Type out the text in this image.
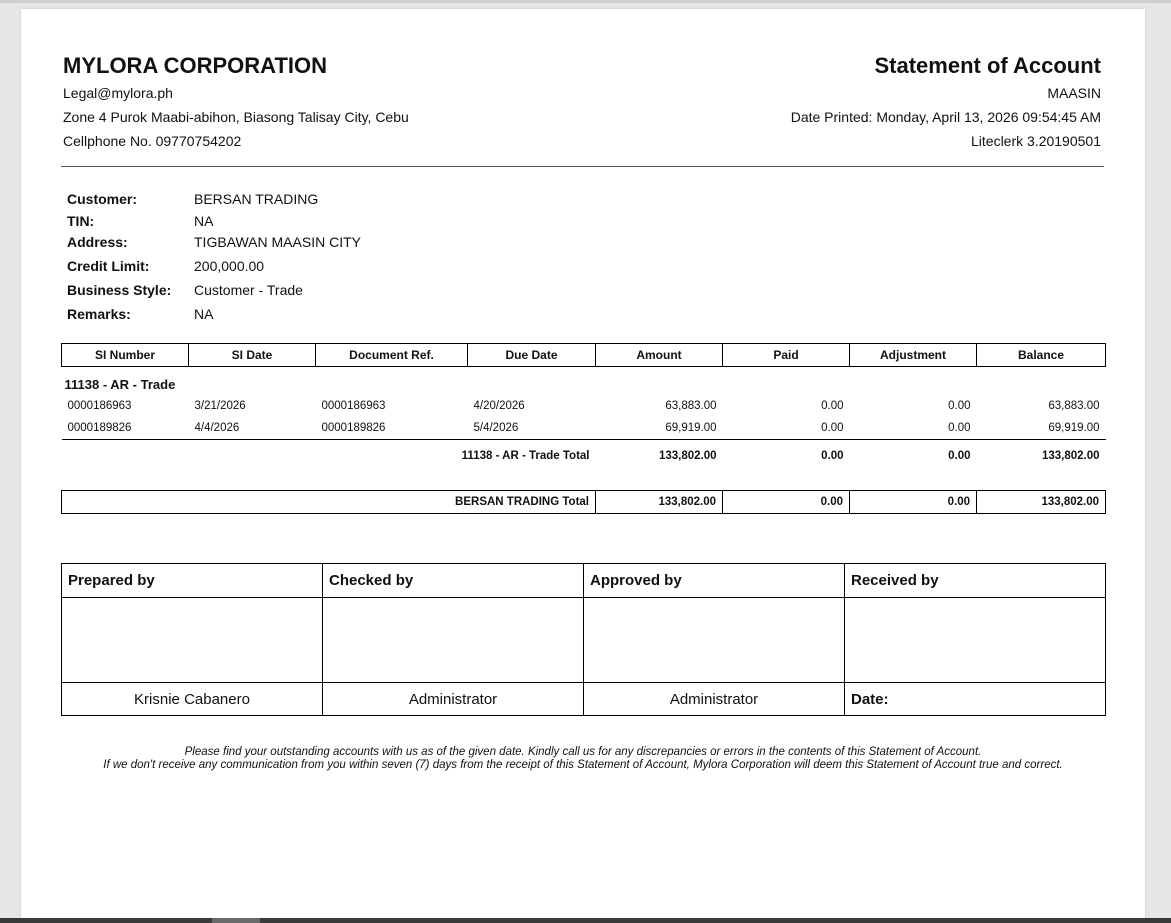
MYLORA CORPORATION
Legal@mylora.ph
Zone 4 Purok Maabi-abihon, Biasong Talisay City, Cebu
Cellphone No. 09770754202
Statement of Account
MAASIN
Date Printed: Monday, April 13, 2026 09:54:45 AM
Liteclerk 3.20190501
Customer:	BERSAN TRADING
TIN:	NA
Address:	TIGBAWAN MAASIN CITY
Credit Limit:	200,000.00
Business Style:	Customer - Trade
Remarks:	NA
SI Number	SI Date	Document Ref.	Due Date	Amount	Paid	Adjustment	Balance
11138 - AR - Trade							
0000186963	3/21/2026	0000186963	4/20/2026	63,883.00	0.00	0.00	63,883.00
0000189826	4/4/2026	0000189826	5/4/2026	69,919.00	0.00	0.00	69,919.00
11138 - AR - Trade Total				133,802.00	0.00	0.00	133,802.00

BERSAN TRADING Total				133,802.00	0.00	0.00	133,802.00
Prepared by	Checked by	Approved by	Received by

Krisnie Cabanero	Administrator	Administrator	Date:
Please find your outstanding accounts with us as of the given date. Kindly call us for any discrepancies or errors in the contents of this Statement of Account.
If we don't receive any communication from you within seven (7) days from the receipt of this Statement of Account, Mylora Corporation will deem this Statement of Account true and correct.
